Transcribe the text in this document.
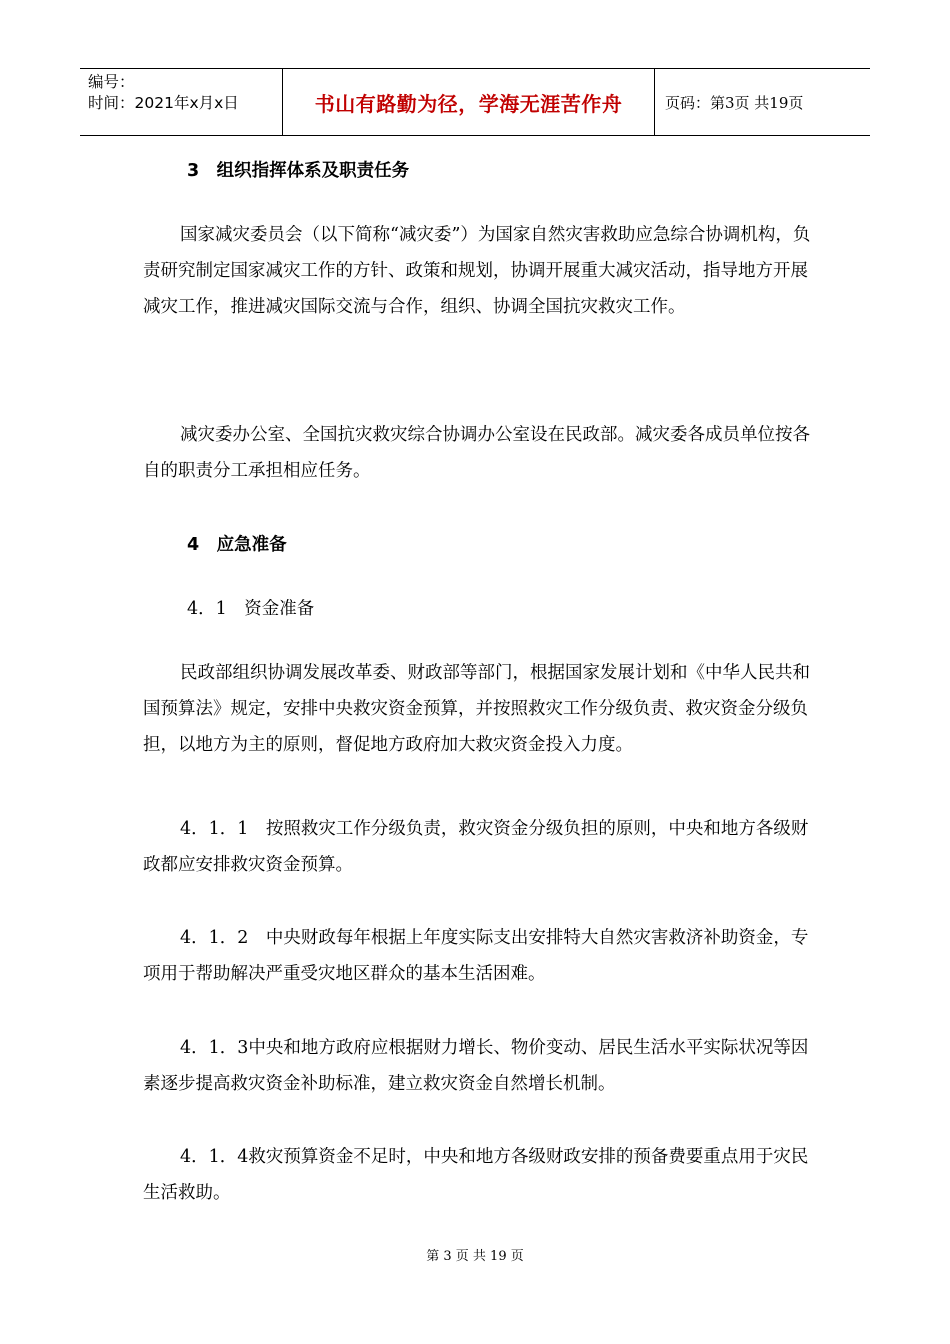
编号：
时间：2021年x月x日	书山有路勤为径，学海无涯苦作舟	页码：第3页 共19页
3　组织指挥体系及职责任务
国家减灾委员会（以下简称“减灾委”）为国家自然灾害救助应急综合协调机构，负责研究制定国家减灾工作的方针、政策和规划，协调开展重大减灾活动，指导地方开展减灾工作，推进减灾国际交流与合作，组织、协调全国抗灾救灾工作。
减灾委办公室、全国抗灾救灾综合协调办公室设在民政部。减灾委各成员单位按各自的职责分工承担相应任务。
4　应急准备
4．1　资金准备
民政部组织协调发展改革委、财政部等部门，根据国家发展计划和《中华人民共和国预算法》规定，安排中央救灾资金预算，并按照救灾工作分级负责、救灾资金分级负担，以地方为主的原则，督促地方政府加大救灾资金投入力度。
4．1．1　按照救灾工作分级负责，救灾资金分级负担的原则，中央和地方各级财政都应安排救灾资金预算。
4．1．2　中央财政每年根据上年度实际支出安排特大自然灾害救济补助资金，专项用于帮助解决严重受灾地区群众的基本生活困难。
4．1．3中央和地方政府应根据财力增长、物价变动、居民生活水平实际状况等因素逐步提高救灾资金补助标准，建立救灾资金自然增长机制。
4．1．4救灾预算资金不足时，中央和地方各级财政安排的预备费要重点用于灾民生活救助。
第 3 页 共 19 页
